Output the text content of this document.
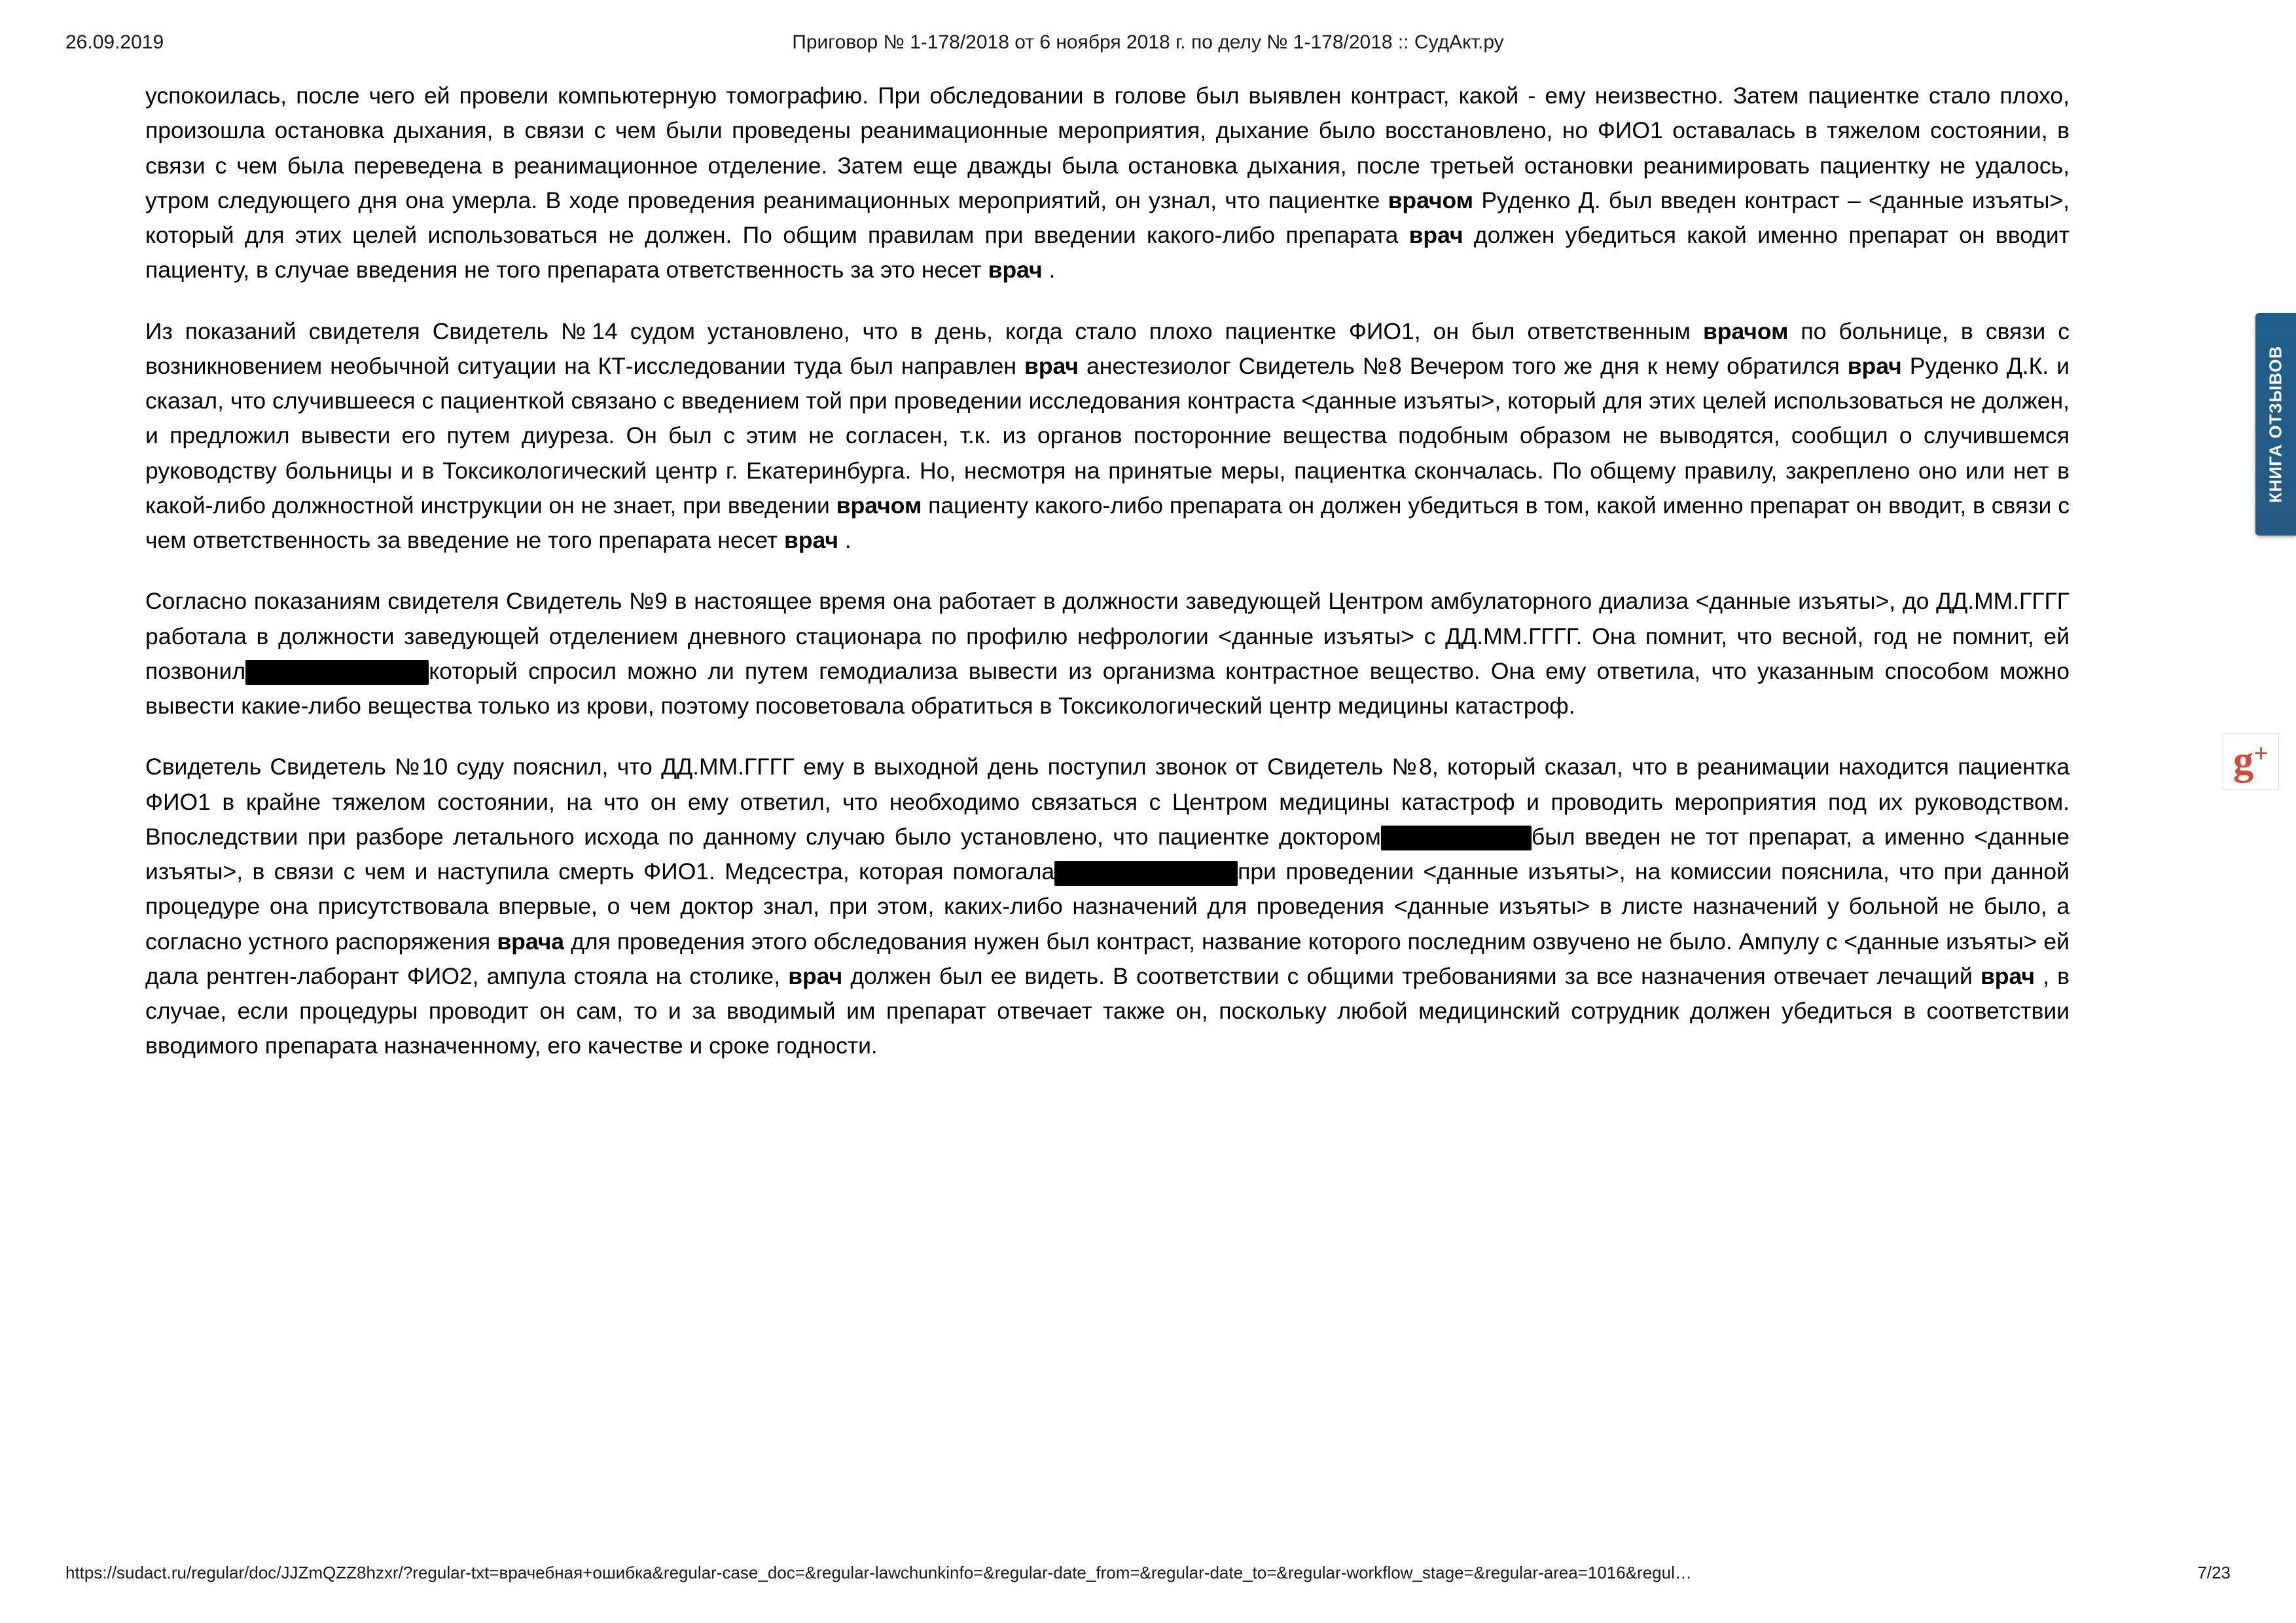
26.09.2019	Приговор № 1-178/2018 от 6 ноября 2018 г. по делу № 1-178/2018 :: СудАкт.ру

успокоилась, после чего ей провели компьютерную томографию. При обследовании в голове был выявлен контраст, какой - ему неизвестно. Затем пациентке стало плохо, произошла остановка дыхания, в связи с чем были проведены реанимационные мероприятия, дыхание было восстановлено, но ФИО1 оставалась в тяжелом состоянии, в связи с чем была переведена в реанимационное отделение. Затем еще дважды была остановка дыхания, после третьей остановки реанимировать пациентку не удалось, утром следующего дня она умерла. В ходе проведения реанимационных мероприятий, он узнал, что пациентке врачом Руденко Д. был введен контраст – <данные изъяты>, который для этих целей использоваться не должен. По общим правилам при введении какого-либо препарата врач должен убедиться какой именно препарат он вводит пациенту, в случае введения не того препарата ответственность за это несет врач .

Из показаний свидетеля Свидетель №14 судом установлено, что в день, когда стало плохо пациентке ФИО1, он был ответственным врачом по больнице, в связи с возникновением необычной ситуации на КТ-исследовании туда был направлен врач анестезиолог Свидетель №8 Вечером того же дня к нему обратился врач Руденко Д.К. и сказал, что случившееся с пациенткой связано с введением той при проведении исследования контраста <данные изъяты>, который для этих целей использоваться не должен, и предложил вывести его путем диуреза. Он был с этим не согласен, т.к. из органов посторонние вещества подобным образом не выводятся, сообщил о случившемся руководству больницы и в Токсикологический центр г. Екатеринбурга. Но, несмотря на принятые меры, пациентка скончалась. По общему правилу, закреплено оно или нет в какой-либо должностной инструкции он не знает, при введении врачом пациенту какого-либо препарата он должен убедиться в том, какой именно препарат он вводит, в связи с чем ответственность за введение не того препарата несет врач .

Согласно показаниям свидетеля Свидетель №9 в настоящее время она работает в должности заведующей Центром амбулаторного диализа <данные изъяты>, до ДД.ММ.ГГГГ работала в должности заведующей отделением дневного стационара по профилю нефрологии <данные изъяты> с ДД.ММ.ГГГГ. Она помнит, что весной, год не помнит, ей позвонил	который спросил можно ли путем гемодиализа вывести из организма контрастное вещество. Она ему ответила, что указанным способом можно вывести какие-либо вещества только из крови, поэтому посоветовала обратиться в Токсикологический центр медицины катастроф.

Свидетель Свидетель №10 суду пояснил, что ДД.ММ.ГГГГ ему в выходной день поступил звонок от Свидетель №8, который сказал, что в реанимации находится пациентка ФИО1 в крайне тяжелом состоянии, на что он ему ответил, что необходимо связаться с Центром медицины катастроф и проводить мероприятия под их руководством. Впоследствии при разборе летального исхода по данному случаю было установлено, что пациентке доктором	был введен не тот препарат, а именно <данные изъяты>, в связи с чем и наступила смерть ФИО1. Медсестра, которая помогала	при проведении <данные изъяты>, на комиссии пояснила, что при данной процедуре она присутствовала впервые, о чем доктор знал, при этом, каких-либо назначений для проведения <данные изъяты> в листе назначений у больной не было, а согласно устного распоряжения врача для проведения этого обследования нужен был контраст, название которого последним озвучено не было. Ампулу с <данные изъяты> ей дала рентген-лаборант ФИО2, ампула стояла на столике, врач должен был ее видеть. В соответствии с общими требованиями за все назначения отвечает лечащий врач , в случае, если процедуры проводит он сам, то и за вводимый им препарат отвечает также он, поскольку любой медицинский сотрудник должен убедиться в соответствии вводимого препарата назначенному, его качестве и сроке годности.

КНИГА ОТЗЫВОВ
g+
https://sudact.ru/regular/doc/JJZmQZZ8hzxr/?regular-txt=врачебная+ошибка&regular-case_doc=&regular-lawchunkinfo=&regular-date_from=&regular-date_to=&regular-workflow_stage=&regular-area=1016&regul…	7/23
